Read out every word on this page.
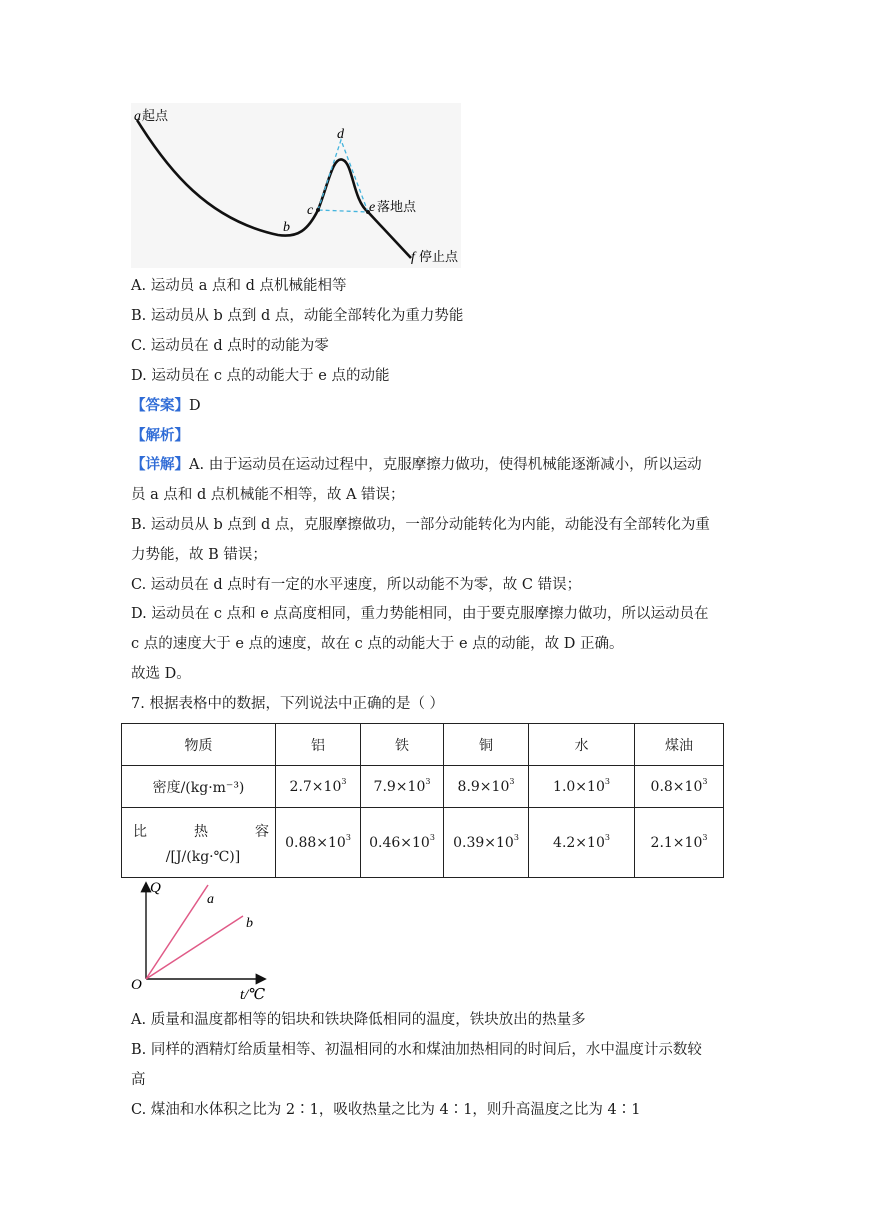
a 起点
d
c	e 落地点
b
f 停止点
A. 运动员 a 点和 d 点机械能相等
B. 运动员从 b 点到 d 点，动能全部转化为重力势能
C. 运动员在 d 点时的动能为零
D. 运动员在 c 点的动能大于 e 点的动能
【答案】D
【解析】
【详解】A. 由于运动员在运动过程中，克服摩擦力做功，使得机械能逐渐减小，所以运动
员 a 点和 d 点机械能不相等，故 A 错误；
B. 运动员从 b 点到 d 点，克服摩擦做功，一部分动能转化为内能，动能没有全部转化为重
力势能，故 B 错误；
C. 运动员在 d 点时有一定的水平速度，所以动能不为零，故 C 错误；
D. 运动员在 c 点和 e 点高度相同，重力势能相同，由于要克服摩擦力做功，所以运动员在
c 点的速度大于 e 点的速度，故在 c 点的动能大于 e 点的动能，故 D 正确。
故选 D。
7. 根据表格中的数据，下列说法中正确的是（ ）
物质	铝	铁	铜	水	煤油
密度/(kg·m⁻³)	$2.7\times 10^3$	$7.9\times 10^3$	$8.9\times 10^3$	$1.0\times 10^3$	$0.8\times 10^3$

比 热 容
/[J/(kg·℃)]	$0.88\times 10^3$	$0.46\times 10^3$	$0.39\times 10^3$	$4.2\times 10^3$	$2.1\times 10^3$
Q
O
a
b
t/℃
A. 质量和温度都相等的铝块和铁块降低相同的温度，铁块放出的热量多
B. 同样的酒精灯给质量相等、初温相同的水和煤油加热相同的时间后，水中温度计示数较
高
C. 煤油和水体积之比为 2∶1，吸收热量之比为 4∶1，则升高温度之比为 4∶1
